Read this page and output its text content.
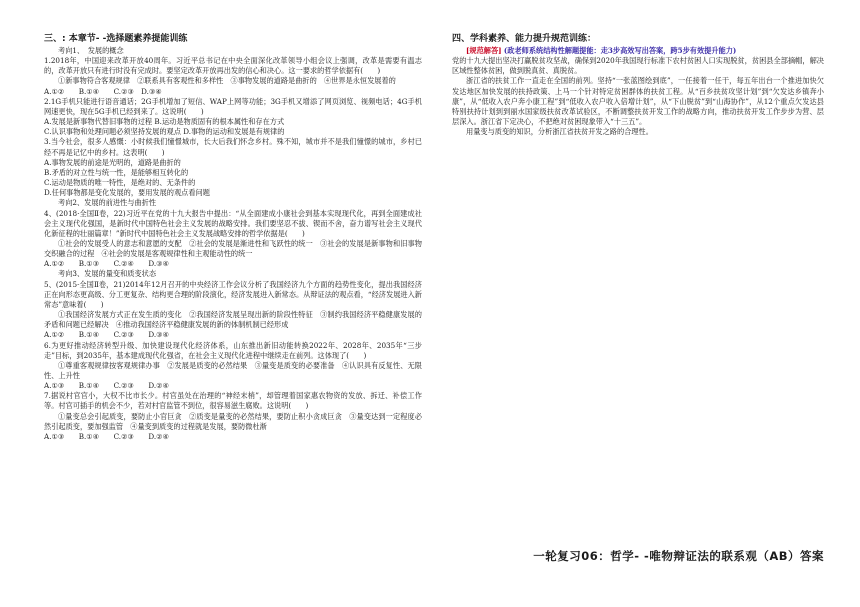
三、: 本章节- -选择题素养提能训练

考向1、　发展的概念

1.2018年，中国迎来改革开放40周年。习近平总书记在中央全面深化改革领导小组会议上强调，改革是需要有温志的，改革开放只有进行时没有完成时。要坚定改革开放再出发的信心和决心。这一要求的哲学依据有(　　)

①新事物符合客观规律　②联系具有客观性和多样性　③事物发展的道路是曲折的　④世界是永恒发展着的

A.①②　　B.①④　　C.②③　D.③④

2.1G手机只能进行语音通话；2G手机增加了短信、WAP上网等功能；3G手机又增添了网页浏览、视频电话；4G手机网速更快，现在5G手机已经到来了。这说明(　　)

A.发展是新事物代替旧事物的过程 B.运动是物质固有的根本属性和存在方式

C.认识事物和处理问题必须坚持发展的观点 D.事物的运动和发展是有规律的

3.当今社会，很多人感慨：小时候我们憧憬城市，长大后我们怀念乡村。殊不知，城市并不是我们憧憬的城市，乡村已经不再是记忆中的乡村。这表明(　　)

A.事物发展的前途是光明的，道路是曲折的

B.矛盾的对立性与统一性，是能够相互转化的

C.运动是物质的唯一特性，是绝对的、无条件的

D.任何事物都是变化发展的，要用发展的观点看问题

考向2、发展的前进性与曲折性

4、(2018·全国Ⅱ卷，22)习近平在党的十九大报告中提出：“从全面建成小康社会到基本实现现代化，再到全面建成社会主义现代化强国，是新时代中国特色社会主义发展的战略安排。我们要坚忍不拔、锲而不舍，奋力谱写社会主义现代化新征程的壮丽篇章！”新时代中国特色社会主义发展战略安排的哲学依据是(　　)

①社会的发展受人的意志和意愿的支配　②社会的发展是渐进性和飞跃性的统一　③社会的发展是新事物和旧事物交织融合的过程　④社会的发展是客观规律性和主观能动性的统一

A.①②　　B.①③　　C.②④　　D.③④

考向3、发展的量变和质变状态

5、(2015·全国Ⅱ卷，21)2014年12月召开的中央经济工作会议分析了我国经济九个方面的趋势性变化，提出我国经济正在向形态更高级、分工更复杂、结构更合理的阶段演化，经济发展进入新常态。从辩证法的观点看，“经济发展进入新常态”意味着(　　)

①我国经济发展方式正在发生质的变化　②我国经济发展呈现出新的阶段性特征　③制约我国经济平稳健康发展的矛盾和问题已经解决　④推动我国经济平稳健康发展的新的体制机制已经形成

A.①②　　B.①④　　C.②③　　D.③④

6.为更好推动经济转型升级、加快建设现代化经济体系，山东推出新旧动能转换2022年、2028年、2035年“三步走”目标，到2035年，基本建成现代化强省，在社会主义现代化进程中继续走在前列。这体现了(　　)

①尊重客观规律按客观规律办事　②发展是质变的必然结果　③量变是质变的必要准备　④认识具有反复性、无限性、上升性

A.①③　　B.①④　　C.②③　　D.②④

7.据说村官官小，大权不比市长少。村官虽处在治理的“神经末梢”，却管理着国家惠农物资的发放、拆迁、补偿工作等。村官可插手的机会不少，若对村官监管不到位，很容易滋生腐败。这说明(　　)

①量变总会引起质变，要防止小官巨贪　②质变是量变的必然结果，要防止积小贪成巨贪　③量变达到一定程度必然引起质变，要加强监管　④量变到质变的过程就是发展，要防微杜渐

A.①③　　B.①④　　C.②③　　D.②④

四、学科素养、能力提升规范训练：

[规范解答] (政老师系统结构性解题提能：走3步高效写出答案，跨5步有效提升能力)

党的十九大提出坚决打赢脱贫攻坚战，确保到2020年我国现行标准下农村贫困人口实现脱贫，贫困县全部摘帽，解决区域性整体贫困，做到脱真贫、真脱贫。

浙江省的扶贫工作一直走在全国的前列。坚持“一张蓝图绘到底”，一任接着一任干，每五年出台一个推进加快欠发达地区加快发展的扶持政策、上马一个针对特定贫困群体的扶贫工程。从“百乡扶贫攻坚计划”到“欠发达乡镇奔小康”，从“低收入农户奔小康工程”到“低收入农户收入倍增计划”，从“下山脱贫”到“山海协作”，从12个重点欠发达县特别扶持计划到到丽水国家级扶贫改革试验区，不断调整扶贫开发工作的战略方向，推动扶贫开发工作步步为营、层层深入。浙江省下定决心，不把绝对贫困现象带入“十三五”。

用量变与质变的知识，分析浙江省扶贫开发之路的合理性。

一轮复习06：哲学- -唯物辩证法的联系观（AB）答案
